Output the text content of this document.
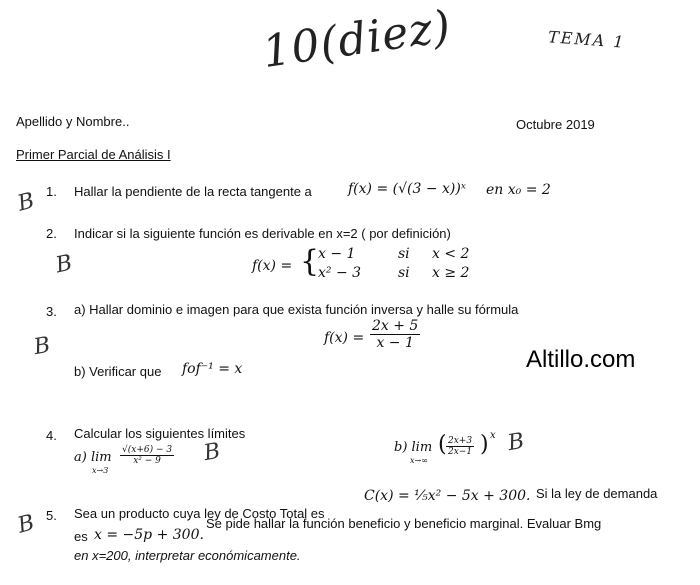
10(diez)	TEMA 1
Apellido y Nombre..	Octubre 2019
Primer Parcial de Análisis I
B 1. Hallar la pendiente de la recta tangente a	f(x) = (√(3 − x))ˣ en x₀ = 2
2. Indicar si la siguiente función es derivable en x=2 ( por definición)
B	f(x) = {
x − 1	si x < 2
x² − 3	si x ≥ 2
3. a) Hallar dominio e imagen para que exista función inversa y halle su fórmula
B	$f(x) = \frac{2x + 5}{x - 1}$
b) Verificar que fof⁻¹ = x	Altillo.com
4. Calcular los siguientes límites
a) lim
x→3
$\frac{√(x+6) - 3}{\text{x² − 9}}$ B	b) lim
x→∞
( $\frac{2x+3}{2x-1}$ ) x B
B 5. Sea un producto cuya ley de Costo Total es
C(x) = ⅕x² − 5x + 300. Si la ley de demanda
es x = −5p + 300.
Se pide hallar la función beneficio y beneficio marginal. Evaluar Bmg
en x=200, interpretar económicamente.
